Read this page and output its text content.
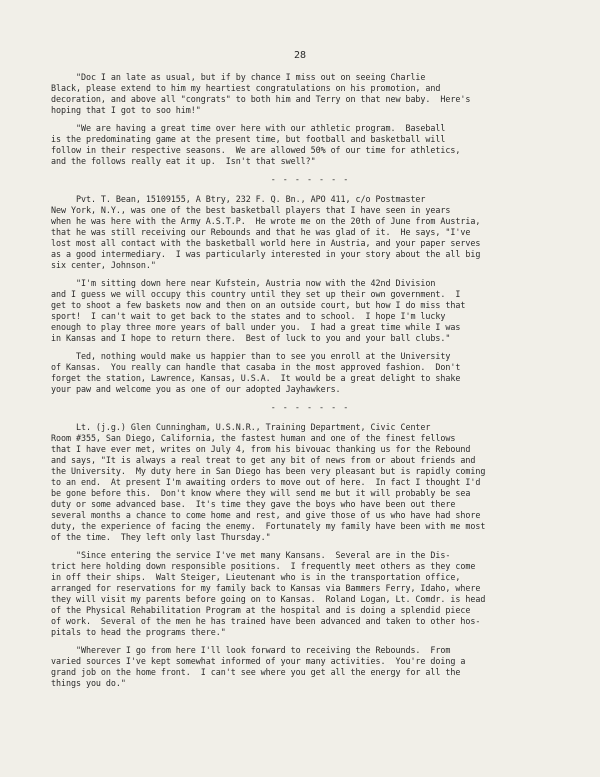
28

"Doc I an late as usual, but if by chance I miss out on seeing Charlie
Black, please extend to him my heartiest congratulations on his promotion, and
decoration, and above all "congrats" to both him and Terry on that new baby.  Here's
hoping that I got to soo him!"

"We are having a great time over here with our athletic program.  Baseball
is the predominating game at the present time, but football and basketball will
follow in their respective seasons.  We are allowed 50% of our time for athletics,
and the follows really eat it up.  Isn't that swell?"

- - - - - - -

Pvt. T. Bean, 15109155, A Btry, 232 F. Q. Bn., APO 411, c/o Postmaster
New York, N.Y., was one of the best basketball players that I have seen in years
when he was here with the Army A.S.T.P.  He wrote me on the 20th of June from Austria,
that he was still receiving our Rebounds and that he was glad of it.  He says, "I've
lost most all contact with the basketball world here in Austria, and your paper serves
as a good intermediary.  I was particularly interested in your story about the all big
six center, Johnson."

"I'm sitting down here near Kufstein, Austria now with the 42nd Division
and I guess we will occupy this country until they set up their own government.  I
get to shoot a few baskets now and then on an outside court, but how I do miss that
sport!  I can't wait to get back to the states and to school.  I hope I'm lucky
enough to play three more years of ball under you.  I had a great time while I was
in Kansas and I hope to return there.  Best of luck to you and your ball clubs."

Ted, nothing would make us happier than to see you enroll at the University
of Kansas.  You really can handle that casaba in the most approved fashion.  Don't
forget the station, Lawrence, Kansas, U.S.A.  It would be a great delight to shake
your paw and welcome you as one of our adopted Jayhawkers.

- - - - - - -

Lt. (j.g.) Glen Cunningham, U.S.N.R., Training Department, Civic Center
Room #355, San Diego, California, the fastest human and one of the finest fellows
that I have ever met, writes on July 4, from his bivouac thanking us for the Rebound
and says, "It is always a real treat to get any bit of news from or about friends and
the University.  My duty here in San Diego has been very pleasant but is rapidly coming
to an end.  At present I'm awaiting orders to move out of here.  In fact I thought I'd
be gone before this.  Don't know where they will send me but it will probably be sea
duty or some advanced base.  It's time they gave the boys who have been out there
several months a chance to come home and rest, and give those of us who have had shore
duty, the experience of facing the enemy.  Fortunately my family have been with me most
of the time.  They left only last Thursday."

"Since entering the service I've met many Kansans.  Several are in the Dis-
trict here holding down responsible positions.  I frequently meet others as they come
in off their ships.  Walt Steiger, Lieutenant who is in the transportation office,
arranged for reservations for my family back to Kansas via Bammers Ferry, Idaho, where
they will visit my parents before going on to Kansas.  Roland Logan, Lt. Comdr. is head
of the Physical Rehabilitation Program at the hospital and is doing a splendid piece
of work.  Several of the men he has trained have been advanced and taken to other hos-
pitals to head the programs there."

"Wherever I go from here I'll look forward to receiving the Rebounds.  From
varied sources I've kept somewhat informed of your many activities.  You're doing a
grand job on the home front.  I can't see where you get all the energy for all the
things you do."
